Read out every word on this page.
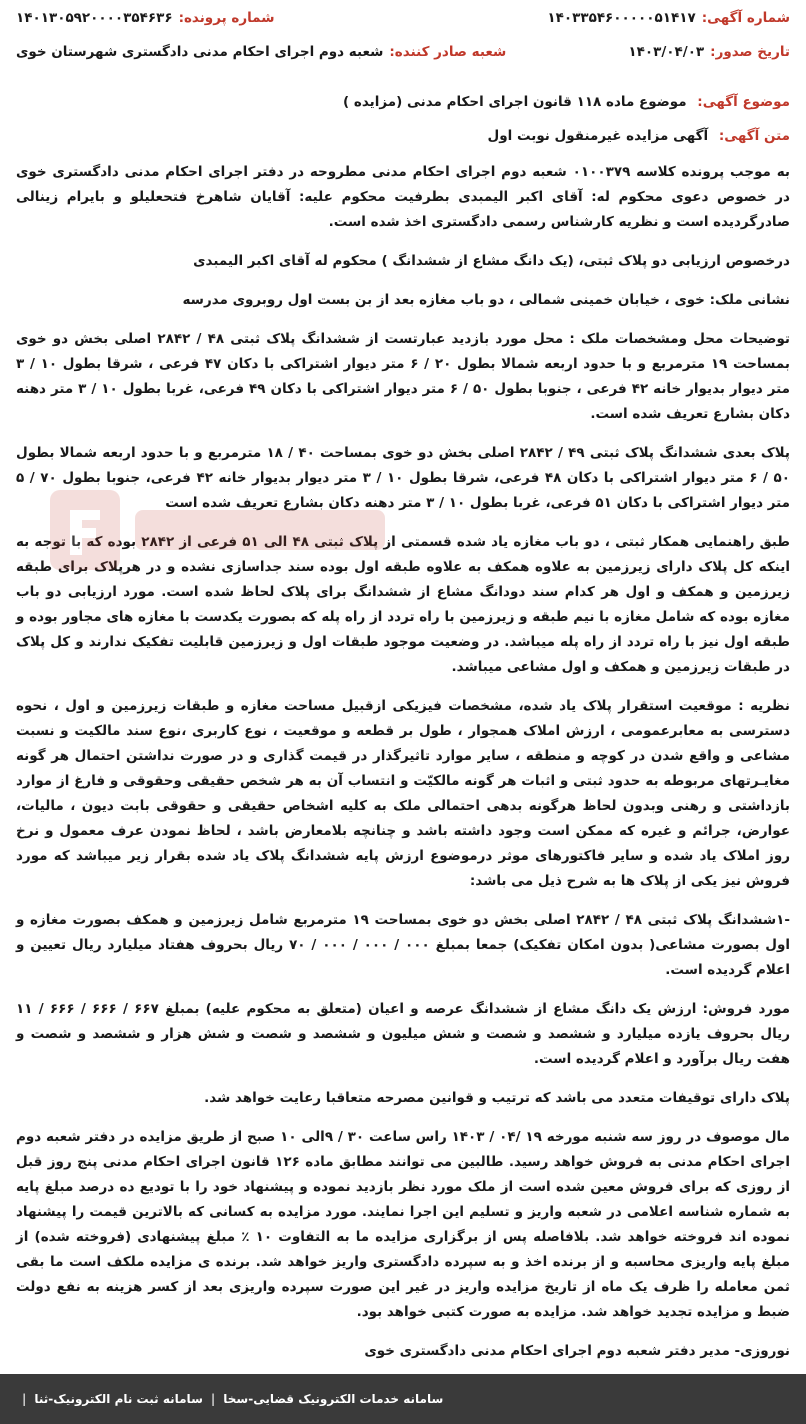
شماره آگهی:
۱۴۰۳۳۵۴۶۰۰۰۰۰۵۱۴۱۷
شماره پرونده:
۱۴۰۱۳۰۵۹۲۰۰۰۰۳۵۴۶۳۶
تاریخ صدور:
۱۴۰۳/۰۴/۰۳
شعبه صادر کننده:
شعبه دوم اجرای احکام مدنی دادگستری شهرستان خوی
موضوع آگهی: موضوع ماده ۱۱۸ قانون اجرای احکام مدنی (مزایده )
متن آگهی: آگهی مزایده غیرمنقول نوبت اول

به موجب پرونده کلاسه ۰۱۰۰۳۷۹ شعبه دوم اجرای احکام مدنی مطروحه در دفتر اجرای احکام مدنی دادگستری خوی در خصوص دعوی محکوم له: آقای اکبر الیمبدی بطرفیت محکوم علیه: آقایان شاهرخ فتحعلیلو و بایرام زینالی صادرگردیده است و نظریه کارشناس رسمی دادگستری اخذ شده است.

درخصوص ارزیابی دو پلاک ثبتی، (یک دانگ مشاع از ششدانگ ) محکوم له آقای اکبر الیمبدی

نشانی ملک: خوی ، خیابان خمینی شمالی ، دو باب مغازه بعد از بن بست اول روبروی مدرسه

توضیحات محل ومشخصات ملک : محل مورد بازدید عبارتست از ششدانگ پلاک ثبتی ۴۸ / ۲۸۴۲ اصلی بخش دو خوی بمساحت ۱۹ مترمربع و با حدود اربعه شمالا بطول ۲۰ / ۶ متر دیوار اشتراکی با دکان ۴۷ فرعی ، شرقا بطول ۱۰ / ۳ متر دیوار بدیوار خانه ۴۲ فرعی ، جنوبا بطول ۵۰ / ۶ متر دیوار اشتراکی با دکان ۴۹ فرعی، غربا بطول ۱۰ / ۳ متر دهنه دکان بشارع تعریف شده است.

پلاک بعدی ششدانگ پلاک ثبتی ۴۹ / ۲۸۴۲ اصلی بخش دو خوی بمساحت ۴۰ / ۱۸ مترمربع و با حدود اربعه شمالا بطول ۵۰ / ۶ متر دیوار اشتراکی با دکان ۴۸ فرعی، شرقا بطول ۱۰ / ۳ متر دیوار بدیوار خانه ۴۲ فرعی، جنوبا بطول ۷۰ / ۵ متر دیوار اشتراکی با دکان ۵۱ فرعی، غربا بطول ۱۰ / ۳ متر دهنه دکان بشارع تعریف شده است

طبق راهنمایی همکار ثبتی ، دو باب مغازه یاد شده قسمتی از پلاک ثبتی ۴۸ الی ۵۱ فرعی از ۲۸۴۲ بوده که با توجه به اینکه کل پلاک دا‌رای زیرزمین به علاوه همکف به علاوه طبقه اول بوده سند جداسازی نشده و در هرپلاک برای طبقه زیرزمین و همکف و اول هر کدام سند دودانگ مشاع از ششدانگ برای پلاک لحاظ شده است. مورد ارزیابی دو باب مغازه بوده که شامل مغازه با نیم طبقه و زیرزمین با راه تردد از راه پله که بصورت یکدست با مغازه های مجاور بوده و طبقه اول نیز با راه تردد از راه پله میباشد. در وضعیت موجود طبقات اول و زیرزمین قابلیت تفکیک ندارند و کل پلاک در طبقات زیرزمین و همکف و اول مشاعی میباشد.

نظریه : موقعیت استقرار پلاک یاد شده، مشخصات فیزیکی ازقبیل مساحت مغازه و طبقات زیرزمین و اول ، نحوه دسترسی به معابرعمومی ، ارزش املاک همجوار ، طول بر قطعه و موقعیت ، نوع کاربری ،نوع سند مالکیت و نسبت مشاعی و واقع شدن در کوچه و منطقه ، سایر موارد تاثیرگذار در قیمت گذاری و در صورت نداشتن احتمال هر گونه مغایـرتهای مربوطه به حدود ثبتی و اثبات هر گونه مالکیّت و انتساب آن به هر شخص حقیقی وحقوقی و فارغ از موارد بازداشتی و رهنی وبدون لحاظ هرگونه بدهی احتمالی ملک به کلیه اشخاص حقیقی و حقوقی بابت دیون ، مالیات، عوارض، جرائم و غیره که ممکن است وجود داشته باشد و چنانچه بلامعارض باشد ، لحاظ نمودن عرف معمول و نرخ روز املاک یاد شده و سایر فاکتورهای موثر درموضوع ارزش پایه ششدانگ پلاک یاد شده بقرار زیر میباشد که مورد فروش نیز یکی از پلاک ها به شرح ذیل می باشد:

-۱ششدانگ پلاک ثبتی ۴۸ / ۲۸۴۲ اصلی بخش دو خوی بمساحت ۱۹ مترمربع شامل زیرزمین و همکف بصورت مغازه و اول بصورت مشاعی( بدون امکان تفکیک) جمعا بمبلغ ۰۰۰ / ۰۰۰ / ۰۰۰ / ۷۰ ریال بحروف هفتاد میلیارد ریال تعیین و اعلام گردیده است.

مورد فروش: ارزش یک دانگ مشاع از ششدانگ عرصه و اعیان (متعلق به محکوم علیه) بمبلغ ۶۶۷ / ۶۶۶ / ۶۶۶ / ۱۱ ریال بحروف یازده میلیارد و ششصد و شصت و شش میلیون و ششصد و شصت و شش هزار و ششصد و شصت و هفت ریال برآورد و اعلام گردیده است.

پلاک دارای توقیفات متعدد می باشد که ترتیب و قوانین مصرحه متعاقبا رعایت خواهد شد.

مال موصوف در روز سه شنبه مورخه ۱۹ /۰۴ / ۱۴۰۳ راس ساعت ۳۰ / ۹الی ۱۰ صبح از طریق مزایده در دفتر شعبه دوم اجرای احکام مدنی به فروش خواهد رسید. طالبین می توانند مطابق ماده ۱۲۶ قانون اجرای احکام مدنی پنج روز قبل از روزی که برای فروش معین شده است از ملک مورد نظر بازدید نموده و پیشنهاد خود را با تودیع ده درصد مبلغ پایه به شماره شناسه اعلامی در شعبه واریز و تسلیم این اجرا نمایند. مورد مزایده به کسانی که بالاترین قیمت را پیشنهاد نموده اند فروخته خواهد شد. بلافاصله پس از برگزاری مزایده ما به التفاوت ۱۰ ٪ مبلغ پیشنهادی (فروخته شده) از مبلغ پایه واریزی محاسبه و از برنده اخذ و به سپرده دادگستری واریز خواهد شد. برنده ی مزایده ملکف است ما بقی ثمن معامله را ظرف یک ماه از تاریخ مزایده واریز در غیر این صورت سپرده واریزی بعد از کسر هزینه به نفع دولت ضبط و مزایده تجدید خواهد شد. مزایده به صورت کتبی خواهد بود.

نوروزی- مدیر دفتر شعبه دوم اجرای احکام مدنی دادگستری خوی

سامانه خدمات الکترونیک قضایی-سخا
|
سامانه ثبت نام الکترونیک-ثنا
|
